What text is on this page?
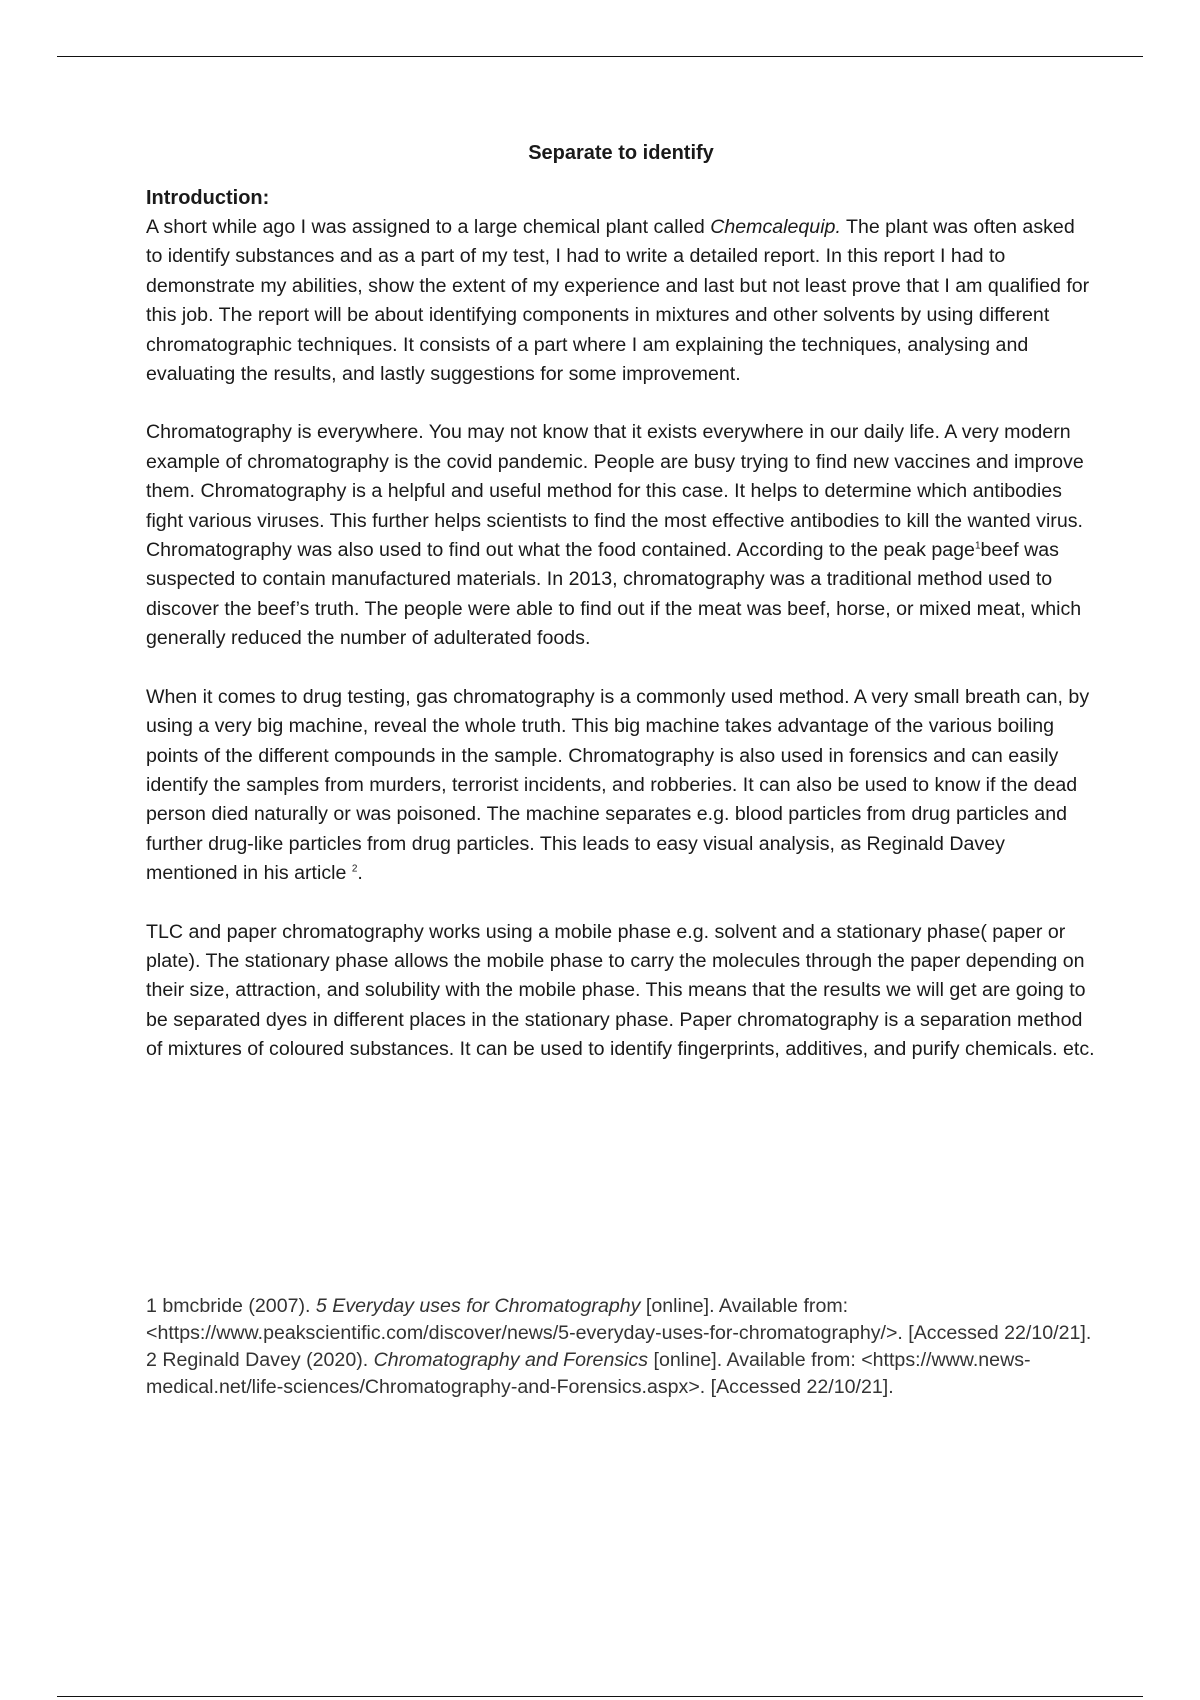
Separate to identify
Introduction:

A short while ago I was assigned to a large chemical plant called Chemcalequip. The plant was often asked to identify substances and as a part of my test, I had to write a detailed report. In this report I had to demonstrate my abilities, show the extent of my experience and last but not least prove that I am qualified for this job. The report will be about identifying components in mixtures and other solvents by using different chromatographic techniques. It consists of a part where I am explaining the techniques, analysing and evaluating the results, and lastly suggestions for some improvement.

Chromatography is everywhere. You may not know that it exists everywhere in our daily life. A very modern example of chromatography is the covid pandemic. People are busy trying to find new vaccines and improve them. Chromatography is a helpful and useful method for this case. It helps to determine which antibodies fight various viruses. This further helps scientists to find the most effective antibodies to kill the wanted virus. Chromatography was also used to find out what the food contained. According to the peak page$^1$beef was suspected to contain manufactured materials. In 2013, chromatography was a traditional method used to discover the beef’s truth. The people were able to find out if the meat was beef, horse, or mixed meat, which generally reduced the number of adulterated foods.

When it comes to drug testing, gas chromatography is a commonly used method. A very small breath can, by using a very big machine, reveal the whole truth. This big machine takes advantage of the various boiling points of the different compounds in the sample. Chromatography is also used in forensics and can easily identify the samples from murders, terrorist incidents, and robberies. It can also be used to know if the dead person died naturally or was poisoned. The machine separates e.g. blood particles from drug particles and further drug-like particles from drug particles. This leads to easy visual analysis, as Reginald Davey mentioned in his article $^2$.

TLC and paper chromatography works using a mobile phase e.g. solvent and a stationary phase( paper or plate). The stationary phase allows the mobile phase to carry the molecules through the paper depending on their size, attraction, and solubility with the mobile phase. This means that the results we will get are going to be separated dyes in different places in the stationary phase. Paper chromatography is a separation method of mixtures of coloured substances. It can be used to identify fingerprints, additives, and purify chemicals. etc.

1 bmcbride (2007). 5 Everyday uses for Chromatography [online]. Available from: <https://www.peakscientific.com/discover/news/5-everyday-uses-for-chromatography/>. [Accessed 22/10/21].
2 Reginald Davey (2020). Chromatography and Forensics [online]. Available from: <https://www.news-medical.net/life-sciences/Chromatography-and-Forensics.aspx>. [Accessed 22/10/21].
